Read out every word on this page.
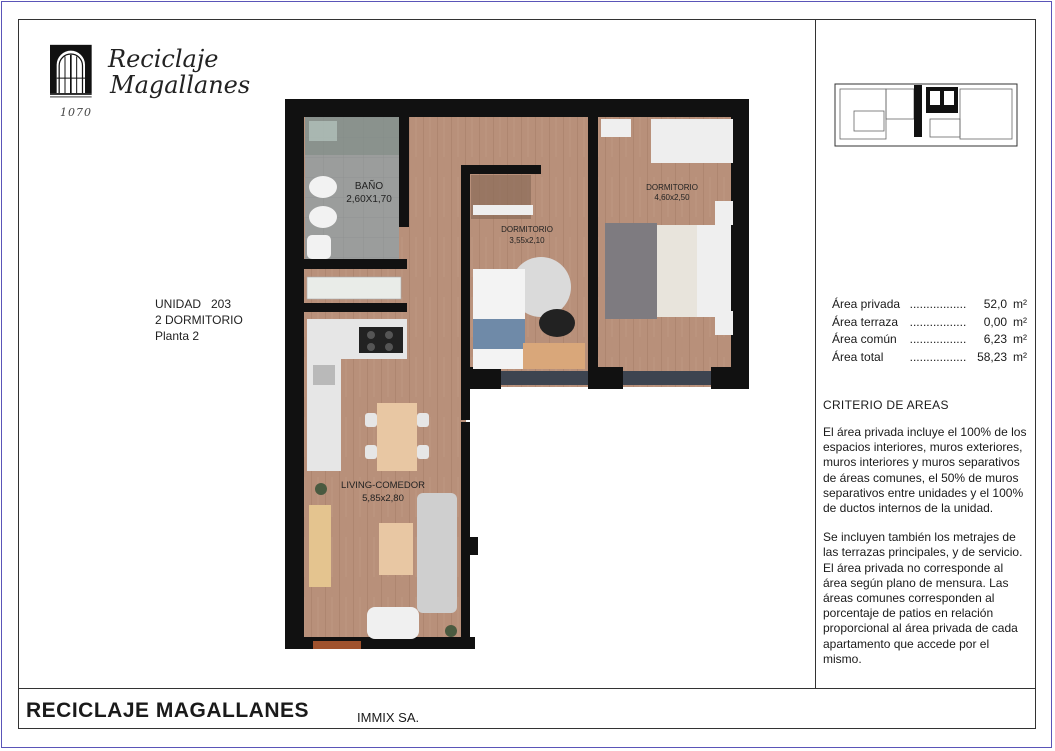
Reciclaje
Magallanes
1070
UNIDAD   203
2 DORMITORIO
Planta 2
BAÑO
2,60X1,70
DORMITORIO
3,55x2,10
DORMITORIO
4,60x2,50
LIVING-COMEDOR
5,85x2,80
Área privada .................	52,0 m²
Área terraza .................	0,00 m²
Área común	.................	6,23 m²
Área total	................. 58,23 m²
CRITERIO DE AREAS

El área privada incluye el 100% de los espacios interiores, muros exteriores, muros interiores y muros separativos de áreas comunes, el 50% de muros separativos entre unidades y el 100% de ductos internos de la unidad.

Se incluyen también los metrajes de las terrazas principales, y de servicio. El área privada no corresponde al área según plano de mensura. Las áreas comunes corresponden al porcentaje de patios en relación proporcional al área privada de cada apartamento que accede por el mismo.

RECICLAJE MAGALLANES	IMMIX SA.
